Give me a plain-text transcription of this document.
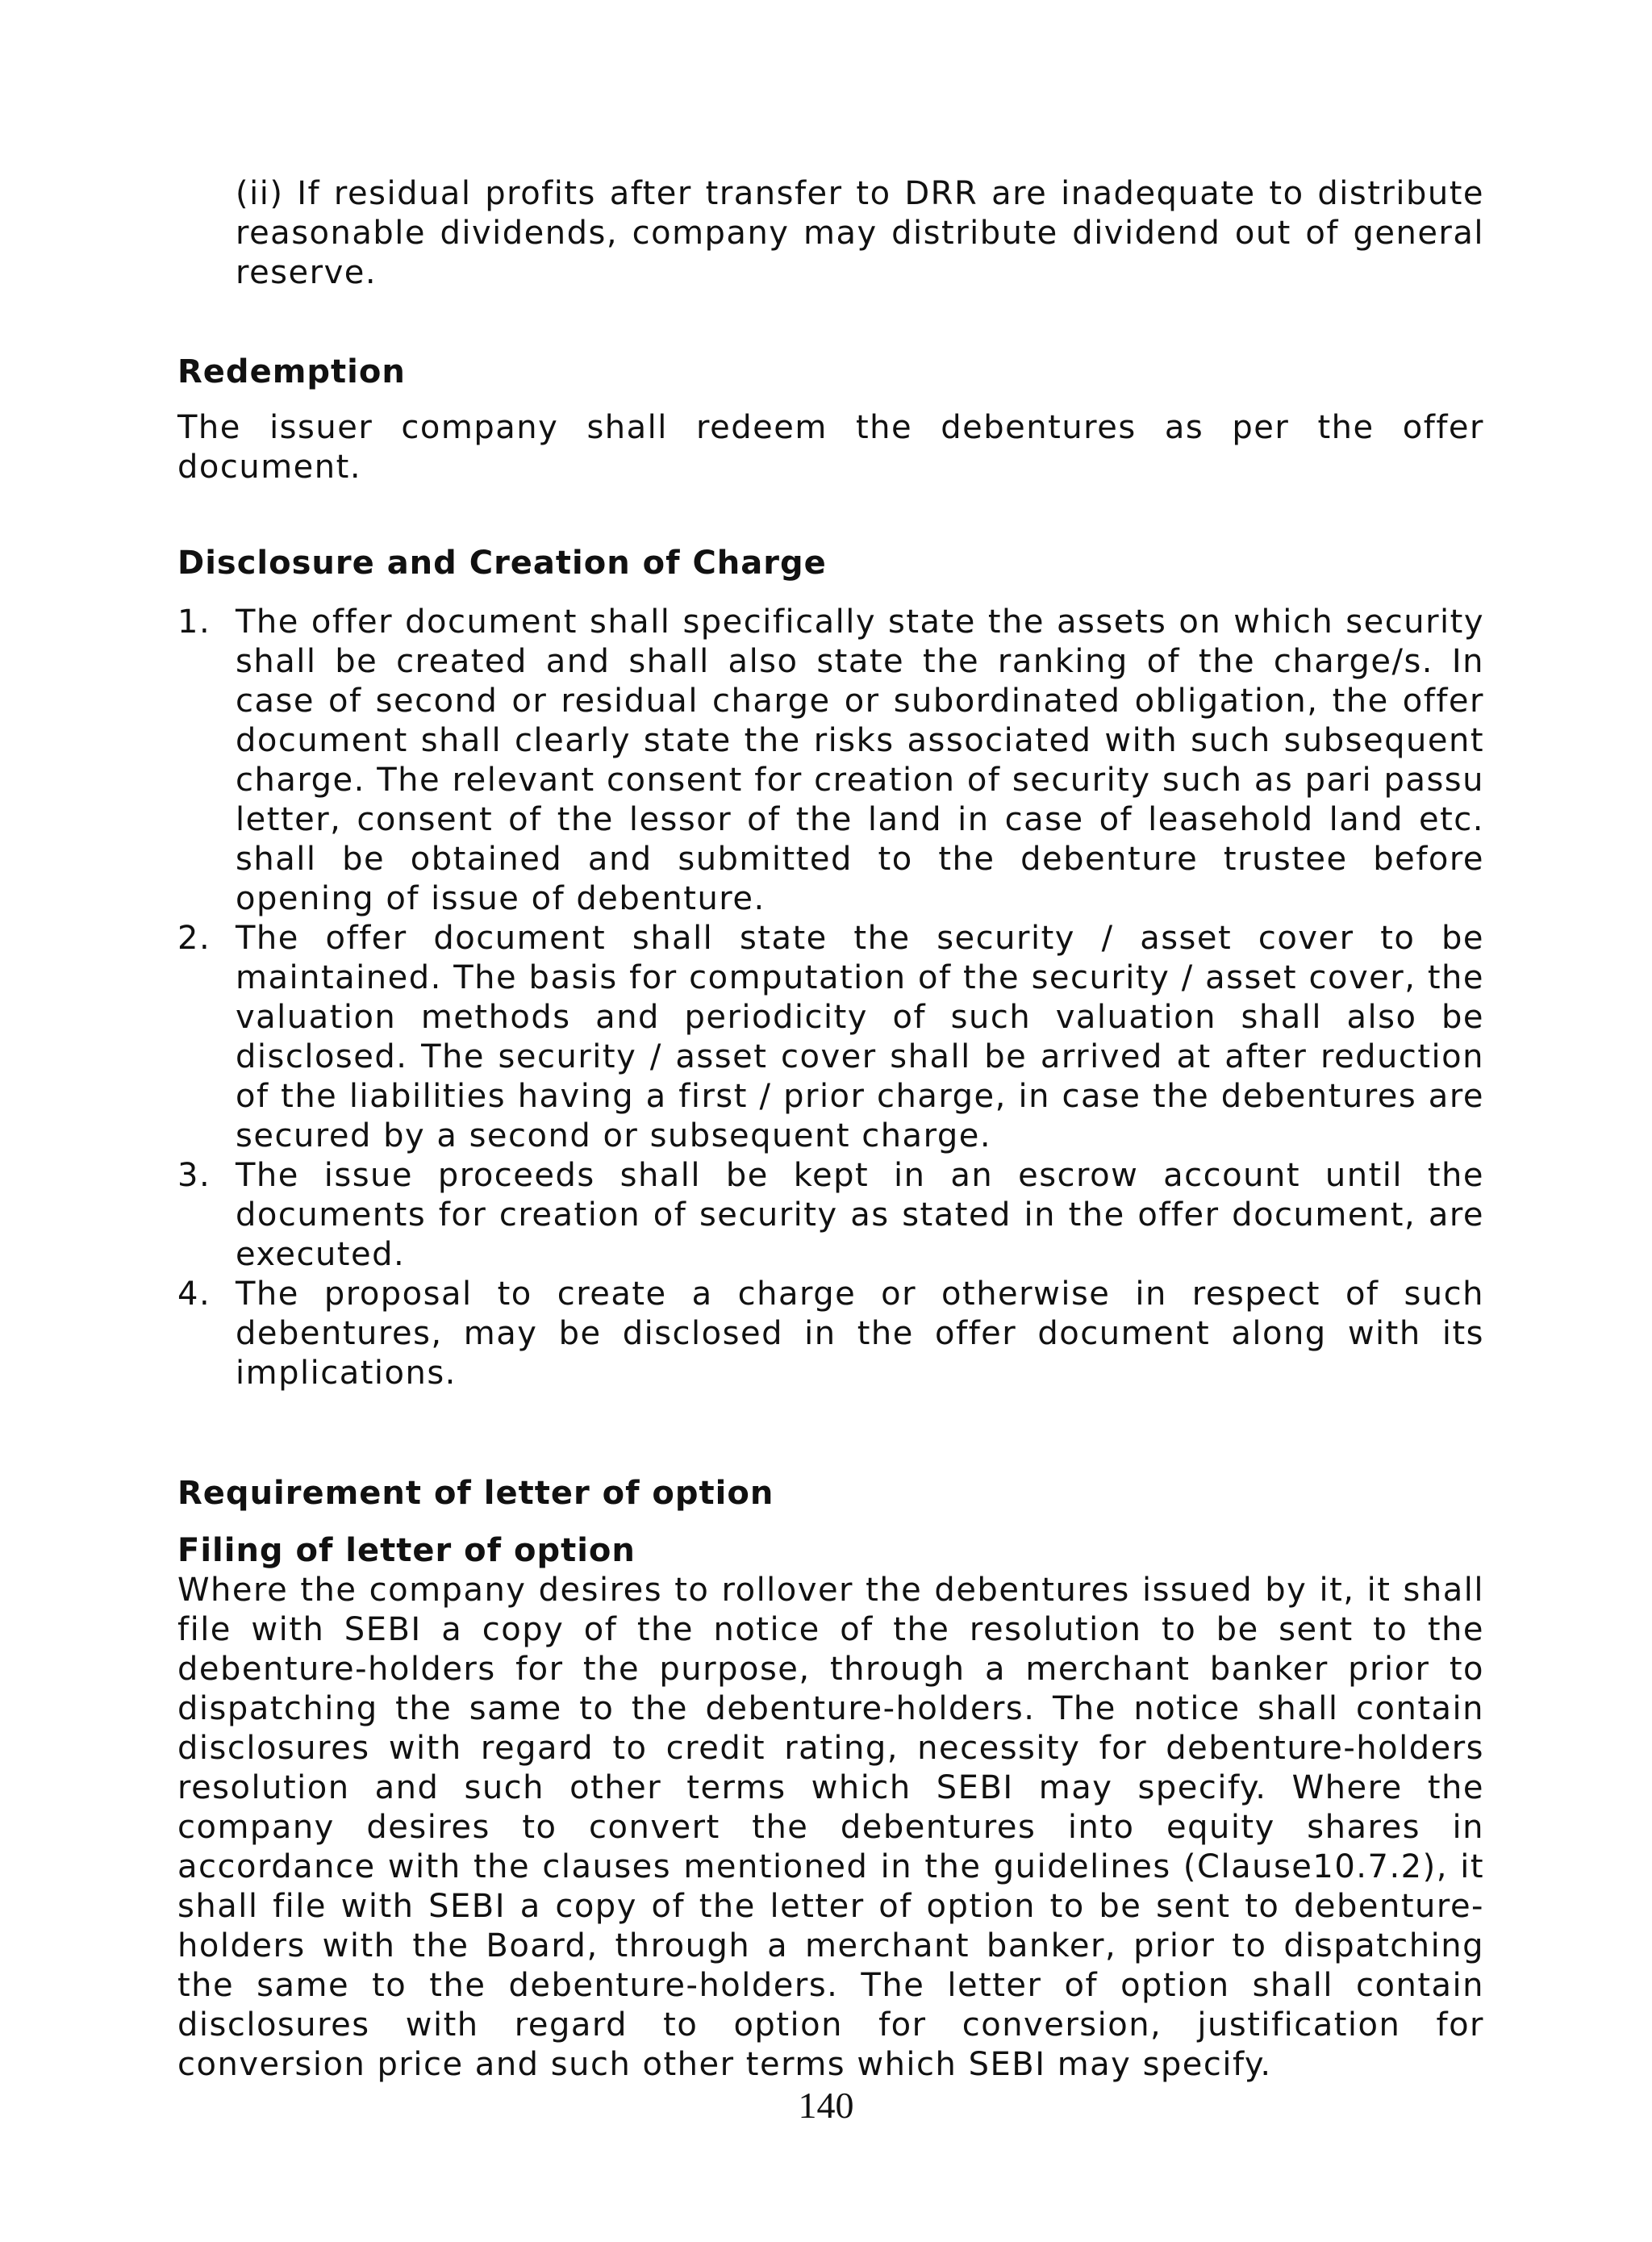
(ii) If residual profits after transfer to DRR are inadequate to distribute reasonable dividends, company may distribute dividend out of general reserve.

Redemption

The issuer company shall redeem the debentures as per the offer document.

Disclosure and Creation of Charge
1. The offer document shall specifically state the assets on which security shall be created and shall also state the ranking of the charge/s. In case of second or residual charge or subordinated obligation, the offer document shall clearly state the risks associated with such subsequent charge. The relevant consent for creation of security such as pari passu letter, consent of the lessor of the land in case of leasehold land etc. shall be obtained and submitted to the debenture trustee before opening of issue of debenture.
2. The offer document shall state the security / asset cover to be maintained. The basis for computation of the security / asset cover, the valuation methods and periodicity of such valuation shall also be disclosed. The security / asset cover shall be arrived at after reduction of the liabilities having a first / prior charge, in case the debentures are secured by a second or subsequent charge.
3. The issue proceeds shall be kept in an escrow account until the documents for creation of security as stated in the offer document, are executed.
4. The proposal to create a charge or otherwise in respect of such debentures, may be disclosed in the offer document along with its implications.
Requirement of letter of option
Filing of letter of option

Where the company desires to rollover the debentures issued by it, it shall file with SEBI a copy of the notice of the resolution to be sent to the debenture-holders for the purpose, through a merchant banker prior to dispatching the same to the debenture-holders. The notice shall contain disclosures with regard to credit rating, necessity for debenture-holders resolution and such other terms which SEBI may specify. Where the company desires to convert the debentures into equity shares in accordance with the clauses mentioned in the guidelines (Clause10.7.2), it shall file with SEBI a copy of the letter of option to be sent to debenture-holders with the Board, through a merchant banker, prior to dispatching the same to the debenture-holders. The letter of option shall contain disclosures with regard to option for conversion, justification for conversion price and such other terms which SEBI may specify.

140
